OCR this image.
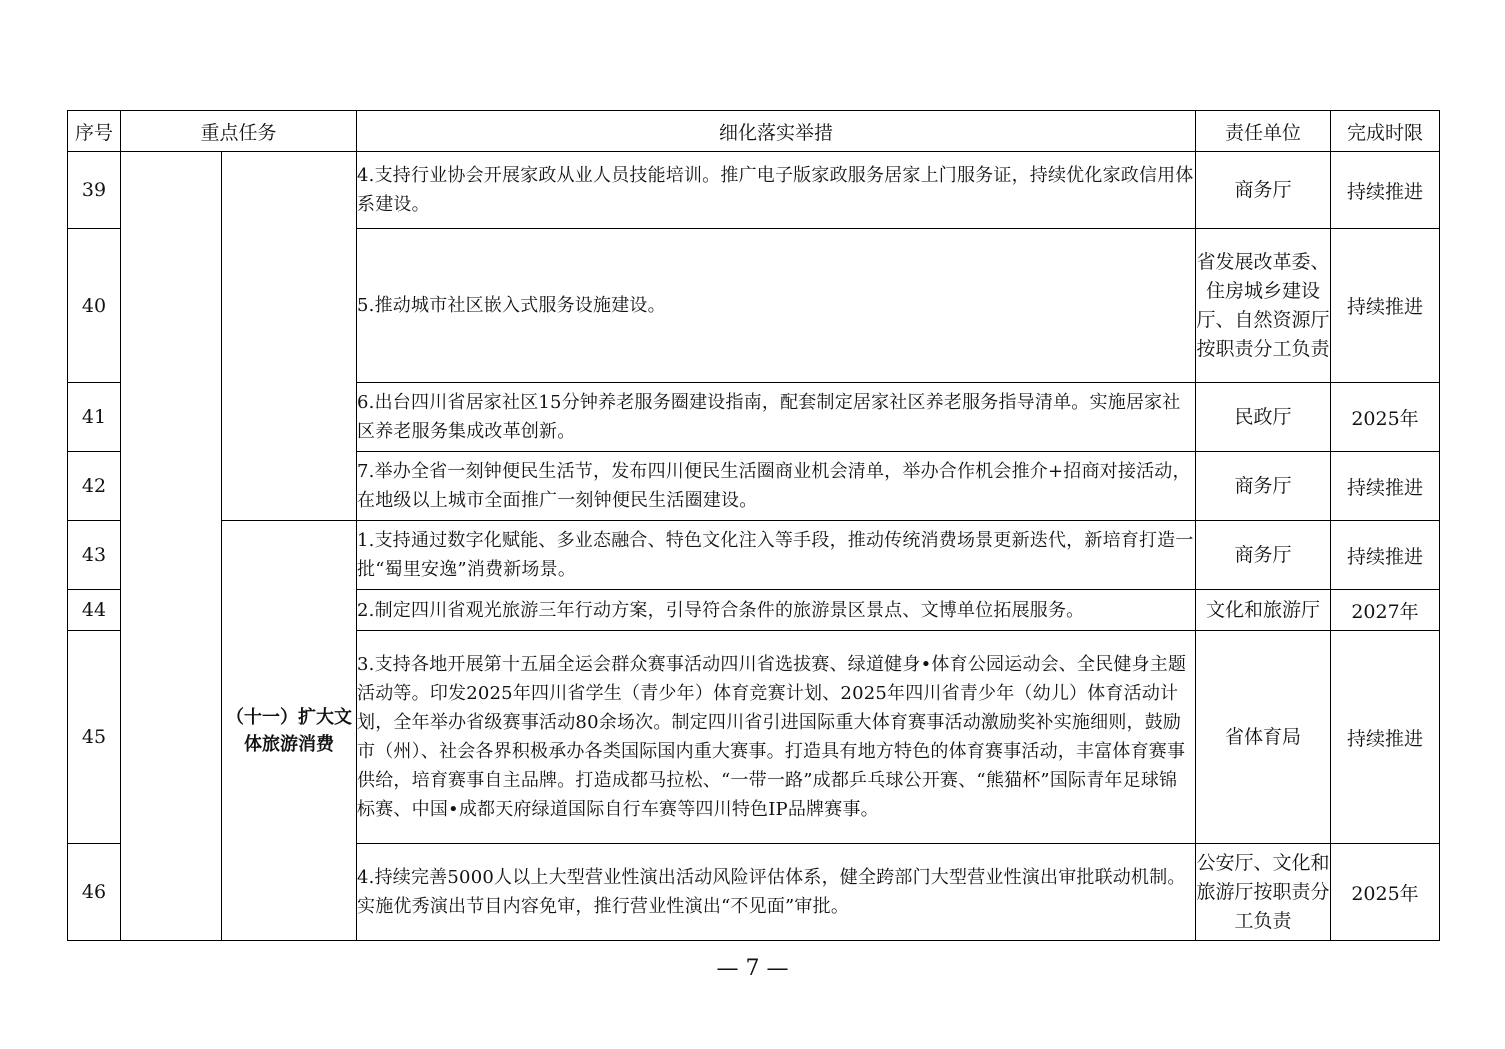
序号	重点任务		细化落实举措	责任单位	完成时限
39			4.支持行业协会开展家政从业人员技能培训。推广电子版家政服务居家上门服务证，持续优化家政信用体系建设。	商务厅	持续推进
40			5.推动城市社区嵌入式服务设施建设。	省发展改革委、住房城乡建设厅、自然资源厅按职责分工负责	持续推进
41			6.出台四川省居家社区15分钟养老服务圈建设指南，配套制定居家社区养老服务指导清单。实施居家社区养老服务集成改革创新。	民政厅	2025年
42			7.举办全省一刻钟便民生活节，发布四川便民生活圈商业机会清单，举办合作机会推介+招商对接活动，在地级以上城市全面推广一刻钟便民生活圈建设。	商务厅	持续推进
43		（十一）扩大文体旅游消费	1.支持通过数字化赋能、多业态融合、特色文化注入等手段，推动传统消费场景更新迭代，新培育打造一批“蜀里安逸”消费新场景。	商务厅	持续推进
44			2.制定四川省观光旅游三年行动方案，引导符合条件的旅游景区景点、文博单位拓展服务。	文化和旅游厅	2027年
45			3.支持各地开展第十五届全运会群众赛事活动四川省选拔赛、绿道健身•体育公园运动会、全民健身主题活动等。印发2025年四川省学生（青少年）体育竞赛计划、2025年四川省青少年（幼儿）体育活动计划，全年举办省级赛事活动80余场次。制定四川省引进国际重大体育赛事活动激励奖补实施细则，鼓励市（州）、社会各界积极承办各类国际国内重大赛事。打造具有地方特色的体育赛事活动，丰富体育赛事供给，培育赛事自主品牌。打造成都马拉松、“一带一路”成都乒乓球公开赛、“熊猫杯”国际青年足球锦标赛、中国•成都天府绿道国际自行车赛等四川特色IP品牌赛事。	省体育局	持续推进
46			4.持续完善5000人以上大型营业性演出活动风险评估体系，健全跨部门大型营业性演出审批联动机制。实施优秀演出节目内容免审，推行营业性演出“不见面”审批。	公安厅、文化和旅游厅按职责分工负责	2025年
— 7 —
